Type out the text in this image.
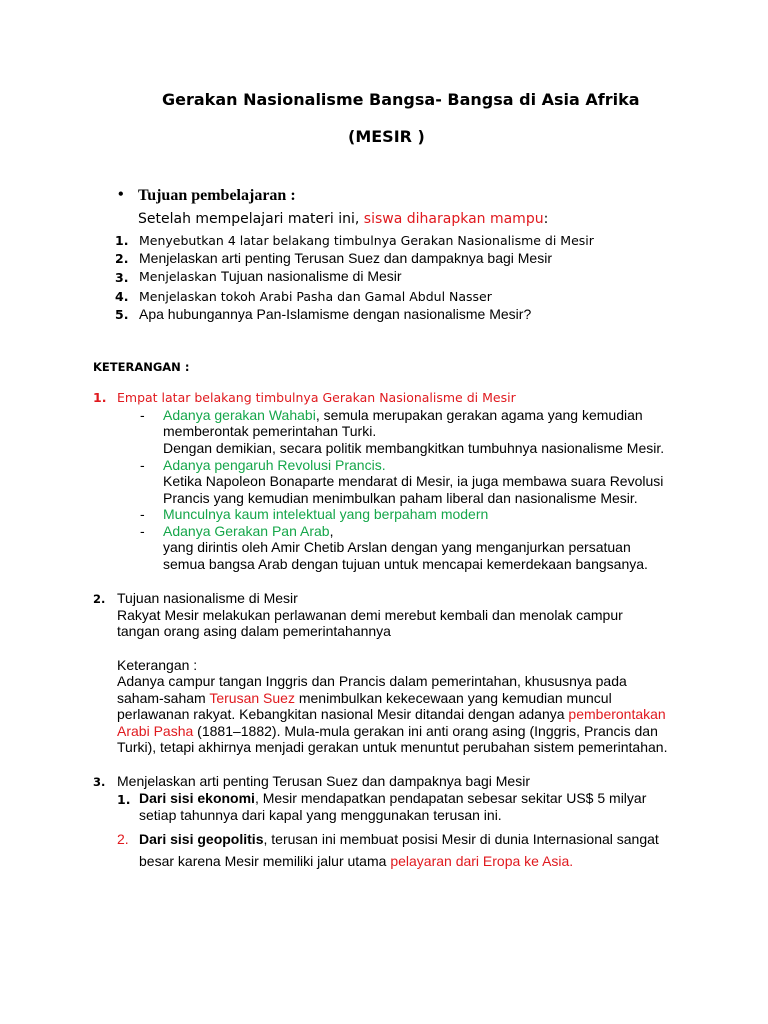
Gerakan Nasionalisme Bangsa- Bangsa di Asia Afrika
(MESIR )
• Tujuan pembelajaran :
Setelah mempelajari materi ini, siswa diharapkan mampu:
1. Menyebutkan 4 latar belakang timbulnya Gerakan Nasionalisme di Mesir
2. Menjelaskan arti penting Terusan Suez dan dampaknya bagi Mesir
3. Menjelaskan Tujuan nasionalisme di Mesir
4. Menjelaskan tokoh Arabi Pasha dan Gamal Abdul Nasser
5. Apa hubungannya Pan-Islamisme dengan nasionalisme Mesir?
KETERANGAN :
1. Empat latar belakang timbulnya Gerakan Nasionalisme di Mesir
- Adanya gerakan Wahabi, semula merupakan gerakan agama yang kemudian
memberontak pemerintahan Turki.
Dengan demikian, secara politik membangkitkan tumbuhnya nasionalisme Mesir.
- Adanya pengaruh Revolusi Prancis.
Ketika Napoleon Bonaparte mendarat di Mesir, ia juga membawa suara Revolusi
Prancis yang kemudian menimbulkan paham liberal dan nasionalisme Mesir.
- Munculnya kaum intelektual yang berpaham modern
- Adanya Gerakan Pan Arab,
yang dirintis oleh Amir Chetib Arslan dengan yang menganjurkan persatuan
semua bangsa Arab dengan tujuan untuk mencapai kemerdekaan bangsanya.
2. Tujuan nasionalisme di Mesir
Rakyat Mesir melakukan perlawanan demi merebut kembali dan menolak campur
tangan orang asing dalam pemerintahannya
Keterangan :
Adanya campur tangan Inggris dan Prancis dalam pemerintahan, khususnya pada
saham-saham Terusan Suez menimbulkan kekecewaan yang kemudian muncul
perlawanan rakyat. Kebangkitan nasional Mesir ditandai dengan adanya pemberontakan
Arabi Pasha (1881–1882). Mula-mula gerakan ini anti orang asing (Inggris, Prancis dan
Turki), tetapi akhirnya menjadi gerakan untuk menuntut perubahan sistem pemerintahan.
3. Menjelaskan arti penting Terusan Suez dan dampaknya bagi Mesir
1. Dari sisi ekonomi, Mesir mendapatkan pendapatan sebesar sekitar US$ 5 milyar
setiap tahunnya dari kapal yang menggunakan terusan ini.
2. Dari sisi geopolitis, terusan ini membuat posisi Mesir di dunia Internasional sangat
besar karena Mesir memiliki jalur utama pelayaran dari Eropa ke Asia.
